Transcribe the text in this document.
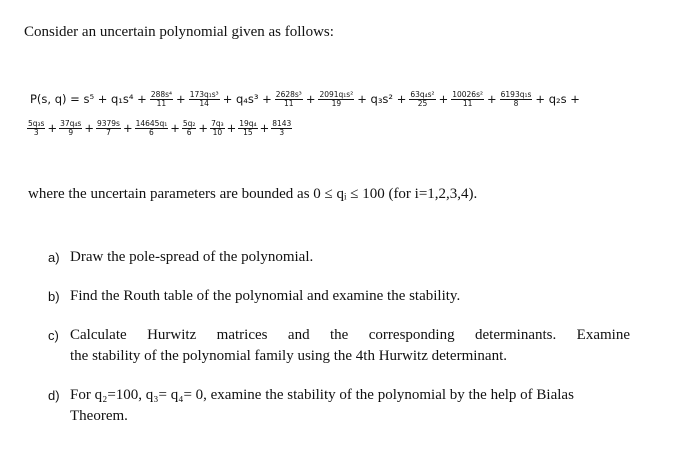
Consider an uncertain polynomial given as follows:
P(s, $q) = s^5 + q_1s^4 + \frac{\text{288s⁴}}{11} + \frac{\text{173q₁s³}}{14} + q_4s^3 + \frac{\text{2628s³}}{11} + \frac{\text{2091q₁s²}}{19} + q_3s^2 + \frac{\text{63q₄s²}}{25} + \frac{\text{10026s²}}{11} + \frac{\text{6193q₁s}}{8} + q_2s$ +
$\frac{\text{5q₃s}}{3} + \frac{\text{37q₄s}}{9} + \frac{9379s}{7} + \frac{\text{14645q₁}}{6} + \frac{\text{5q₂}}{6} + \frac{\text{7q₃}}{10} + \frac{\text{19q₄}}{15} + \frac{8143}{3}$
where the uncertain parameters are bounded as 0 ≤ qᵢ ≤ 100 (for i=1,2,3,4).
a) Draw the pole-spread of the polynomial.
b) Find the Routh table of the polynomial and examine the stability.
c) Calculate Hurwitz matrices and the corresponding determinants. Examine
the stability of the polynomial family using the 4th Hurwitz determinant.
d) For q₂=100, q₃= q₄= 0, examine the stability of the polynomial by the help of Bialas
Theorem.
